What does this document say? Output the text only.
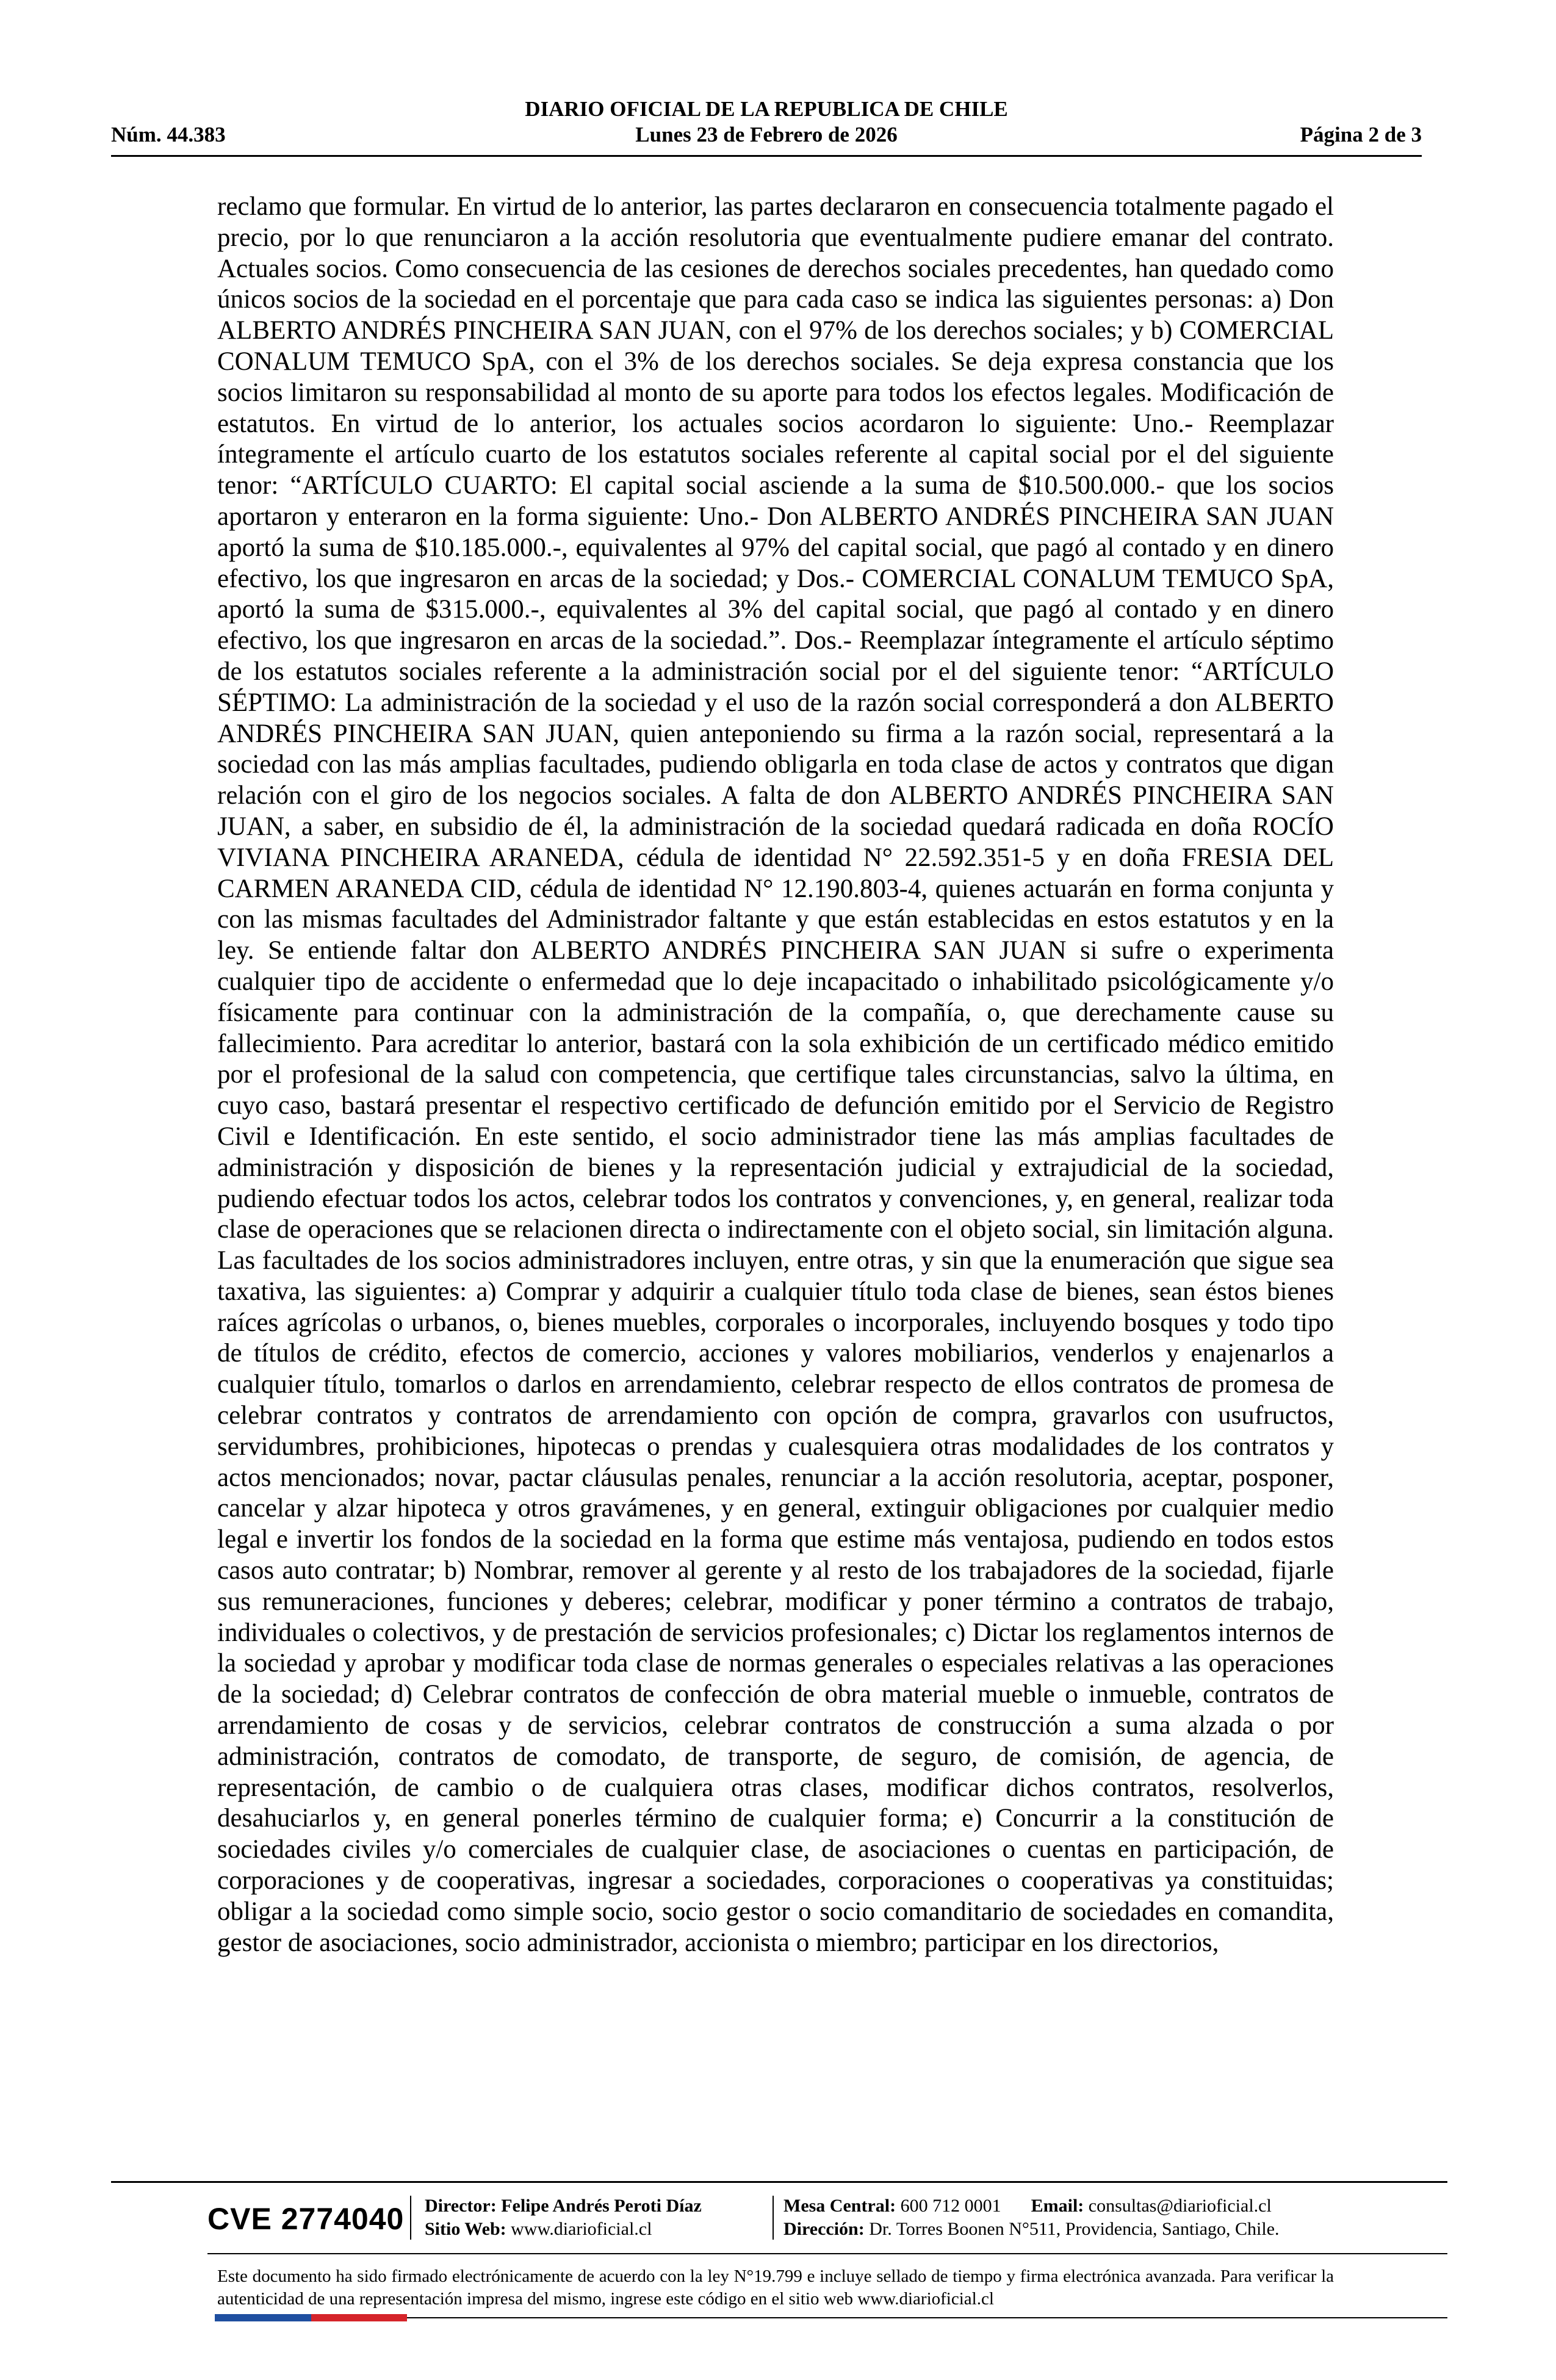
DIARIO OFICIAL DE LA REPUBLICA DE CHILE
Núm. 44.383	Lunes 23 de Febrero de 2026	Página 2 de 3
reclamo que formular. En virtud de lo anterior, las partes declararon en consecuencia totalmente pagado el precio, por lo que renunciaron a la acción resolutoria que eventualmente pudiere emanar del contrato. Actuales socios. Como consecuencia de las cesiones de derechos sociales precedentes, han quedado como únicos socios de la sociedad en el porcentaje que para cada caso se indica las siguientes personas: a) Don ALBERTO ANDRÉS PINCHEIRA SAN JUAN, con el 97% de los derechos sociales; y b) COMERCIAL CONALUM TEMUCO SpA, con el 3% de los derechos sociales. Se deja expresa constancia que los socios limitaron su responsabilidad al monto de su aporte para todos los efectos legales. Modificación de estatutos. En virtud de lo anterior, los actuales socios acordaron lo siguiente: Uno.- Reemplazar íntegramente el artículo cuarto de los estatutos sociales referente al capital social por el del siguiente tenor: “ARTÍCULO CUARTO: El capital social asciende a la suma de $10.500.000.- que los socios aportaron y enteraron en la forma siguiente: Uno.- Don ALBERTO ANDRÉS PINCHEIRA SAN JUAN aportó la suma de $10.185.000.-, equivalentes al 97% del capital social, que pagó al contado y en dinero efectivo, los que ingresaron en arcas de la sociedad; y Dos.- COMERCIAL CONALUM TEMUCO SpA, aportó la suma de $315.000.-, equivalentes al 3% del capital social, que pagó al contado y en dinero efectivo, los que ingresaron en arcas de la sociedad.”. Dos.- Reemplazar íntegramente el artículo séptimo de los estatutos sociales referente a la administración social por el del siguiente tenor: “ARTÍCULO SÉPTIMO: La administración de la sociedad y el uso de la razón social corresponderá a don ALBERTO ANDRÉS PINCHEIRA SAN JUAN, quien anteponiendo su firma a la razón social, representará a la sociedad con las más amplias facultades, pudiendo obligarla en toda clase de actos y contratos que digan relación con el giro de los negocios sociales. A falta de don ALBERTO ANDRÉS PINCHEIRA SAN JUAN, a saber, en subsidio de él, la administración de la sociedad quedará radicada en doña ROCÍO VIVIANA PINCHEIRA ARANEDA, cédula de identidad N° 22.592.351-5 y en doña FRESIA DEL CARMEN ARANEDA CID, cédula de identidad N° 12.190.803-4, quienes actuarán en forma conjunta y con las mismas facultades del Administrador faltante y que están establecidas en estos estatutos y en la ley. Se entiende faltar don ALBERTO ANDRÉS PINCHEIRA SAN JUAN si sufre o experimenta cualquier tipo de accidente o enfermedad que lo deje incapacitado o inhabilitado psicológicamente y/o físicamente para continuar con la administración de la compañía, o, que derechamente cause su fallecimiento. Para acreditar lo anterior, bastará con la sola exhibición de un certificado médico emitido por el profesional de la salud con competencia, que certifique tales circunstancias, salvo la última, en cuyo caso, bastará presentar el respectivo certificado de defunción emitido por el Servicio de Registro Civil e Identificación. En este sentido, el socio administrador tiene las más amplias facultades de administración y disposición de bienes y la representación judicial y extrajudicial de la sociedad, pudiendo efectuar todos los actos, celebrar todos los contratos y convenciones, y, en general, realizar toda clase de operaciones que se relacionen directa o indirectamente con el objeto social, sin limitación alguna. Las facultades de los socios administradores incluyen, entre otras, y sin que la enumeración que sigue sea taxativa, las siguientes: a) Comprar y adquirir a cualquier título toda clase de bienes, sean éstos bienes raíces agrícolas o urbanos, o, bienes muebles, corporales o incorporales, incluyendo bosques y todo tipo de títulos de crédito, efectos de comercio, acciones y valores mobiliarios, venderlos y enajenarlos a cualquier título, tomarlos o darlos en arrendamiento, celebrar respecto de ellos contratos de promesa de celebrar contratos y contratos de arrendamiento con opción de compra, gravarlos con usufructos, servidumbres, prohibiciones, hipotecas o prendas y cualesquiera otras modalidades de los contratos y actos mencionados; novar, pactar cláusulas penales, renunciar a la acción resolutoria, aceptar, posponer, cancelar y alzar hipoteca y otros gravámenes, y en general, extinguir obligaciones por cualquier medio legal e invertir los fondos de la sociedad en la forma que estime más ventajosa, pudiendo en todos estos casos auto contratar; b) Nombrar, remover al gerente y al resto de los trabajadores de la sociedad, fijarle sus remuneraciones, funciones y deberes; celebrar, modificar y poner término a contratos de trabajo, individuales o colectivos, y de prestación de servicios profesionales; c) Dictar los reglamentos internos de la sociedad y aprobar y modificar toda clase de normas generales o especiales relativas a las operaciones de la sociedad; d) Celebrar contratos de confección de obra material mueble o inmueble, contratos de arrendamiento de cosas y de servicios, celebrar contratos de construcción a suma alzada o por administración, contratos de comodato, de transporte, de seguro, de comisión, de agencia, de representación, de cambio o de cualquiera otras clases, modificar dichos contratos, resolverlos, desahuciarlos y, en general ponerles término de cualquier forma; e) Concurrir a la constitución de sociedades civiles y/o comerciales de cualquier clase, de asociaciones o cuentas en participación, de corporaciones y de cooperativas, ingresar a sociedades, corporaciones o cooperativas ya constituidas; obligar a la sociedad como simple socio, socio gestor o socio comanditario de sociedades en comandita, gestor de asociaciones, socio administrador, accionista o miembro; participar en los directorios,
CVE 2774040 Director: Felipe Andrés Peroti Díaz
Sitio Web: www.diarioficial.cl
Mesa Central: 600 712 0001 Email: consultas@diarioficial.cl
Dirección: Dr. Torres Boonen N°511, Providencia, Santiago, Chile.
Este documento ha sido firmado electrónicamente de acuerdo con la ley N°19.799 e incluye sellado de tiempo y firma electrónica avanzada. Para verificar la autenticidad de una representación impresa del mismo, ingrese este código en el sitio web www.diarioficial.cl
